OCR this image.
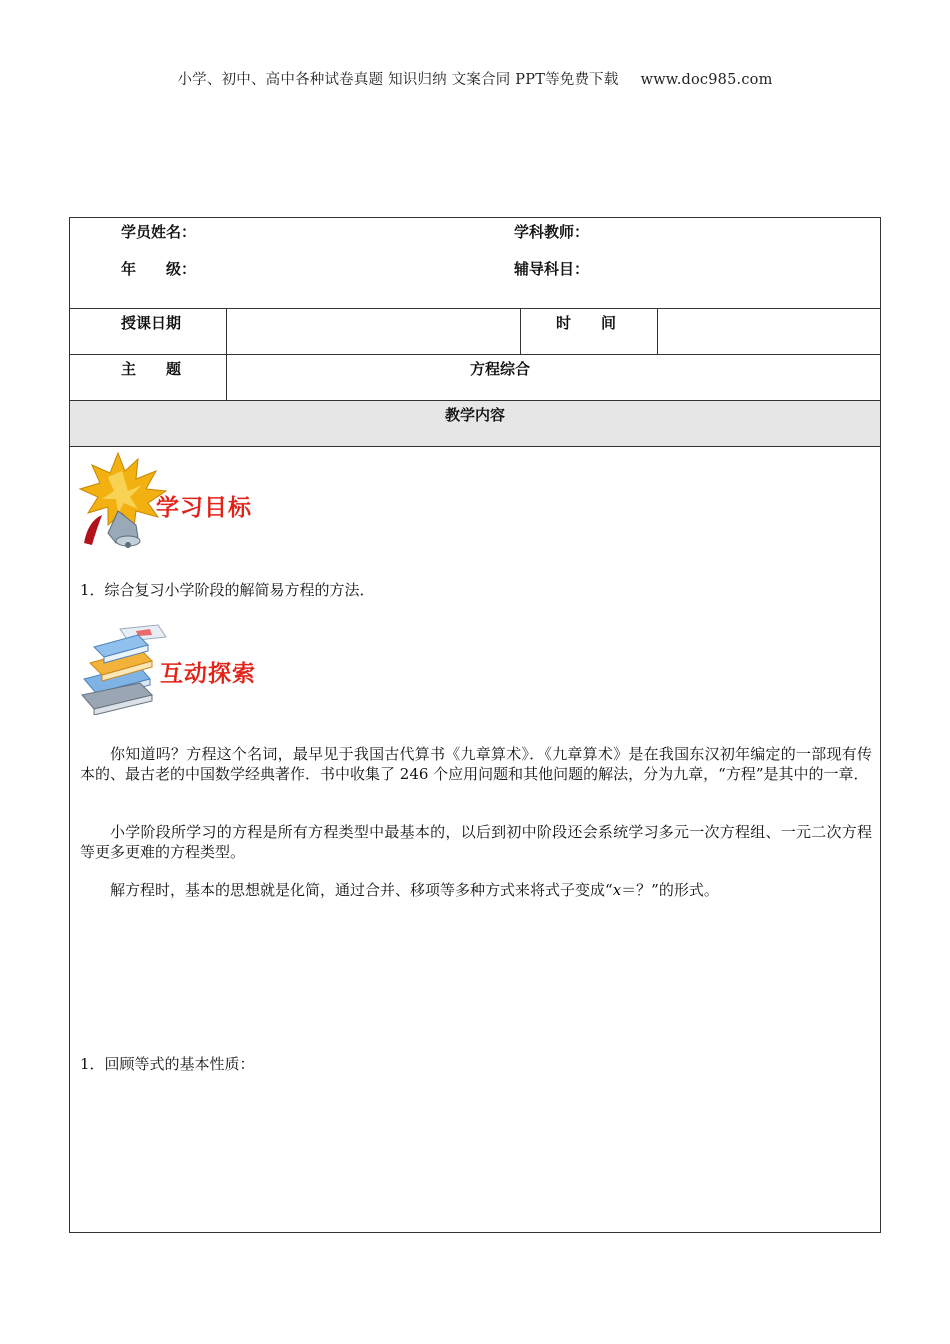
小学、初中、高中各种试卷真题 知识归纳 文案合同 PPT等免费下载 www.doc985.com
学员姓名：	学科教师：
年　　级：	辅导科目：
授课日期	时　　间
主　　题	方程综合
教学内容
学习目标
1．综合复习小学阶段的解简易方程的方法．
互动探索
你知道吗？方程这个名词，最早见于我国古代算书《九章算术》．《九章算术》是在我国东汉初年编定的一部现有传本的、最古老的中国数学经典著作．书中收集了 246 个应用问题和其他问题的解法，分为九章，“方程”是其中的一章．
小学阶段所学习的方程是所有方程类型中最基本的，以后到初中阶段还会系统学习多元一次方程组、一元二次方程等更多更难的方程类型。
解方程时，基本的思想就是化简，通过合并、移项等多种方式来将式子变成“x＝？”的形式。
1．回顾等式的基本性质：
